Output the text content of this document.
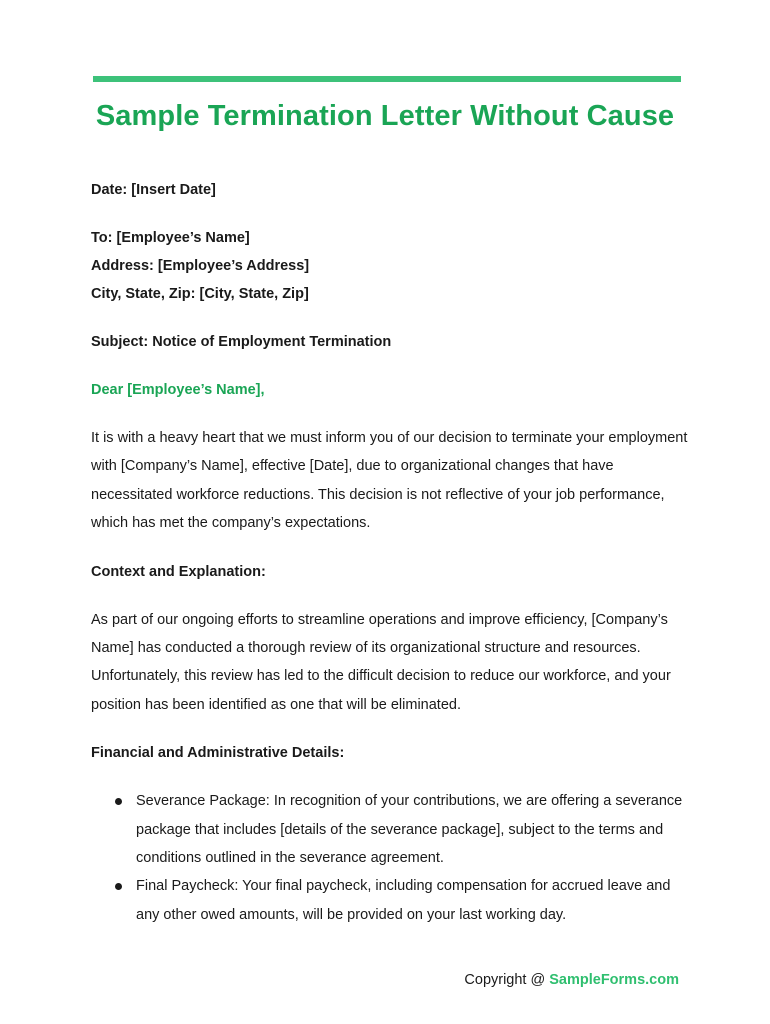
Sample Termination Letter Without Cause
Date: [Insert Date]
To: [Employee’s Name]
Address: [Employee’s Address]
City, State, Zip: [City, State, Zip]
Subject: Notice of Employment Termination
Dear [Employee’s Name],
It is with a heavy heart that we must inform you of our decision to terminate your employment with [Company’s Name], effective [Date], due to organizational changes that have necessitated workforce reductions. This decision is not reflective of your job performance, which has met the company’s expectations.
Context and Explanation:
As part of our ongoing efforts to streamline operations and improve efficiency, [Company’s Name] has conducted a thorough review of its organizational structure and resources. Unfortunately, this review has led to the difficult decision to reduce our workforce, and your position has been identified as one that will be eliminated.
Financial and Administrative Details:
Severance Package: In recognition of your contributions, we are offering a severance package that includes [details of the severance package], subject to the terms and conditions outlined in the severance agreement.
Final Paycheck: Your final paycheck, including compensation for accrued leave and any other owed amounts, will be provided on your last working day.
Copyright @ SampleForms.com
